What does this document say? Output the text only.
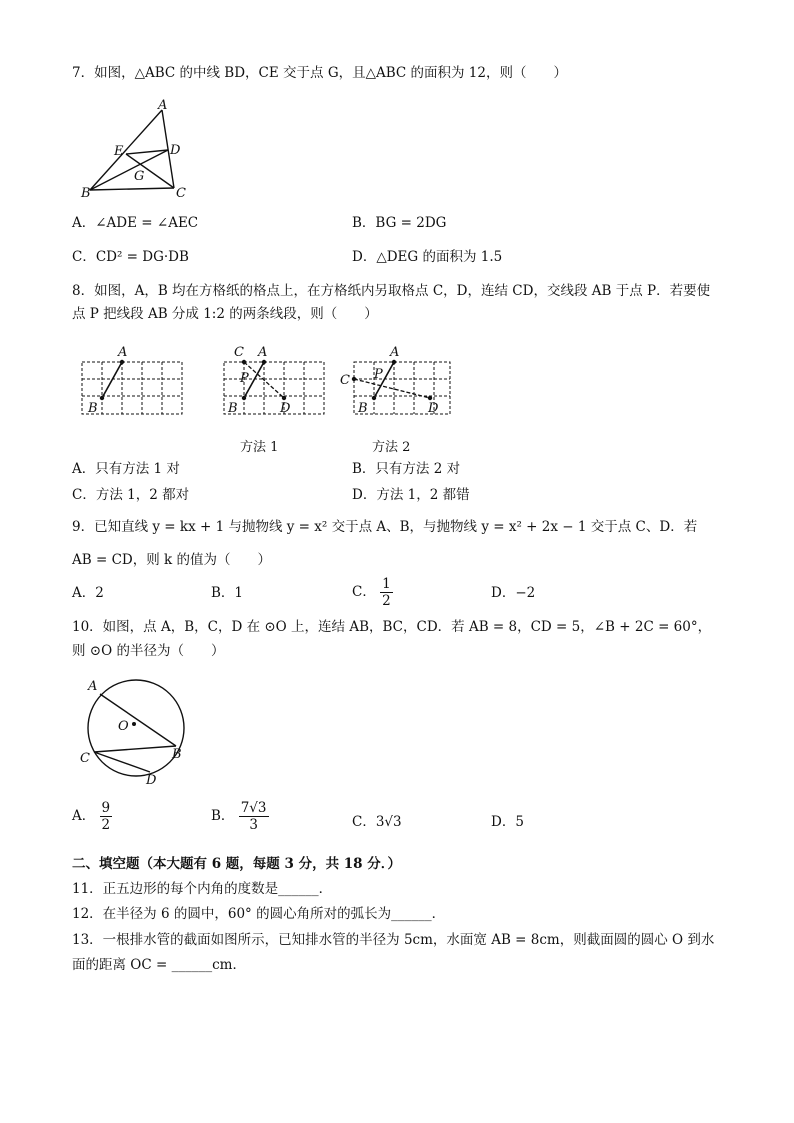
7．如图，△ABC 的中线 BD，CE 交于点 G，且△ABC 的面积为 12，则（　　）
A
E	D
G
B	C
A．∠ADE = ∠AEC	B．BG = 2DG
C．CD² = DG·DB	D．△DEG 的面积为 1.5
8．如图，A，B 均在方格纸的格点上，在方格纸内另取格点 C，D，连结 CD，交线段 AB 于点 P．若要使
点 P 把线段 AB 分成 1:2 的两条线段，则（　　）
A
B
C A
P
B	D
A
C P
B	D
方法 1	方法 2
A．只有方法 1 对	B．只有方法 2 对
C．方法 1，2 都对	D．方法 1，2 都错
9．已知直线 y = kx + 1 与抛物线 y = x² 交于点 A、B，与抛物线 y = x² + 2x − 1 交于点 C、D．若
AB = CD，则 k 的值为（　　）
A．2	B．1	C． $\frac{1}{2}$	D．−2
10．如图，点 A，B，C，D 在 ⊙O 上，连结 AB，BC，CD．若 AB = 8，CD = 5，∠B + 2C = 60°，
则 ⊙O 的半径为（　　）
A
O
B
C
D
A． $\frac{9}{2}$	B． $\frac{7√3}{3}$	C．3√3	D．5
二、填空题（本大题有 6 题，每题 3 分，共 18 分．）
11．正五边形的每个内角的度数是______．
12．在半径为 6 的圆中，60° 的圆心角所对的弧长为______．
13．一根排水管的截面如图所示，已知排水管的半径为 5cm，水面宽 AB = 8cm，则截面圆的圆心 O 到水
面的距离 OC = ______cm．
